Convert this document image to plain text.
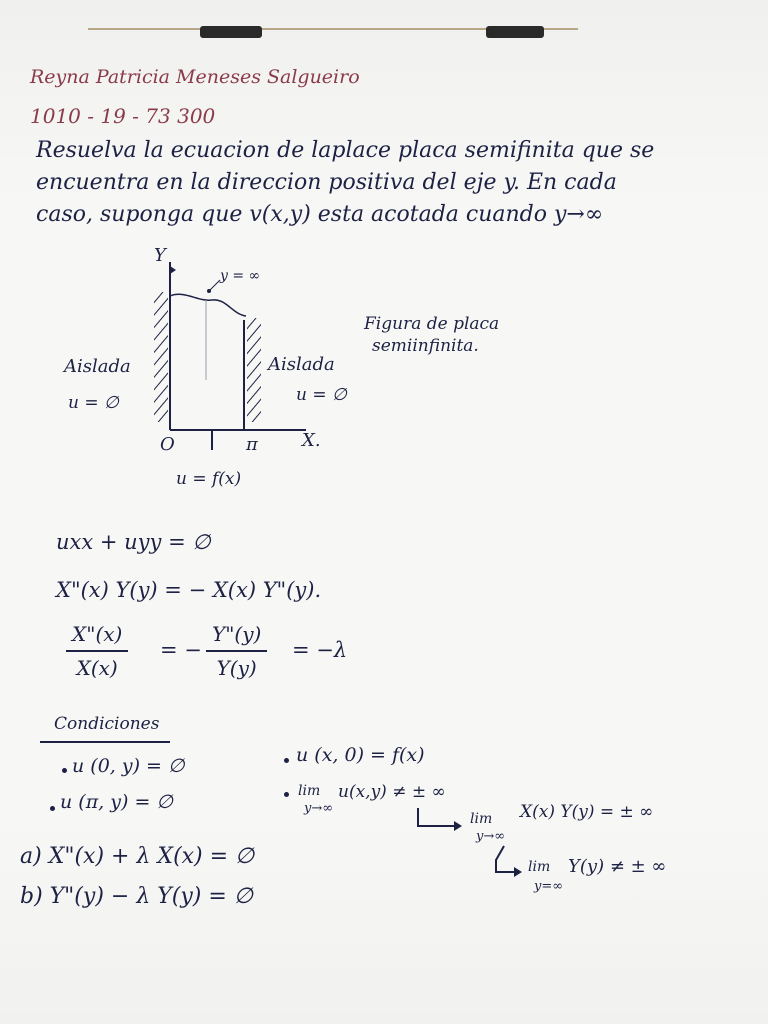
Reyna Patricia Meneses Salgueiro
1010 - 19 - 73 300
Resuelva la ecuacion de laplace placa semifinita que se
encuentra en la direccion positiva del eje y. En cada
caso, suponga que v(x,y) esta acotada cuando y→∞
Y
y = ∞
X.
O	π
u = f(x)
Aislada
u = ∅
Aislada
u = ∅
Figura de placa
semiinfinita.
uxx + uyy = ∅
X"(x) Y(y) = − X(x) Y"(y).
X"(x)
X(x)
= −
Y"(y)
Y(y)
= −λ
Condiciones
u (0, y) = ∅
u (π, y) = ∅
u (x, 0) = f(x)
lim
y→∞
u(x,y) ≠ ± ∞
lim
y→∞
X(x) Y(y) = ± ∞
lim
y=∞
Y(y) ≠ ± ∞
a) X"(x) + λ X(x) = ∅
b) Y"(y) − λ Y(y) = ∅
